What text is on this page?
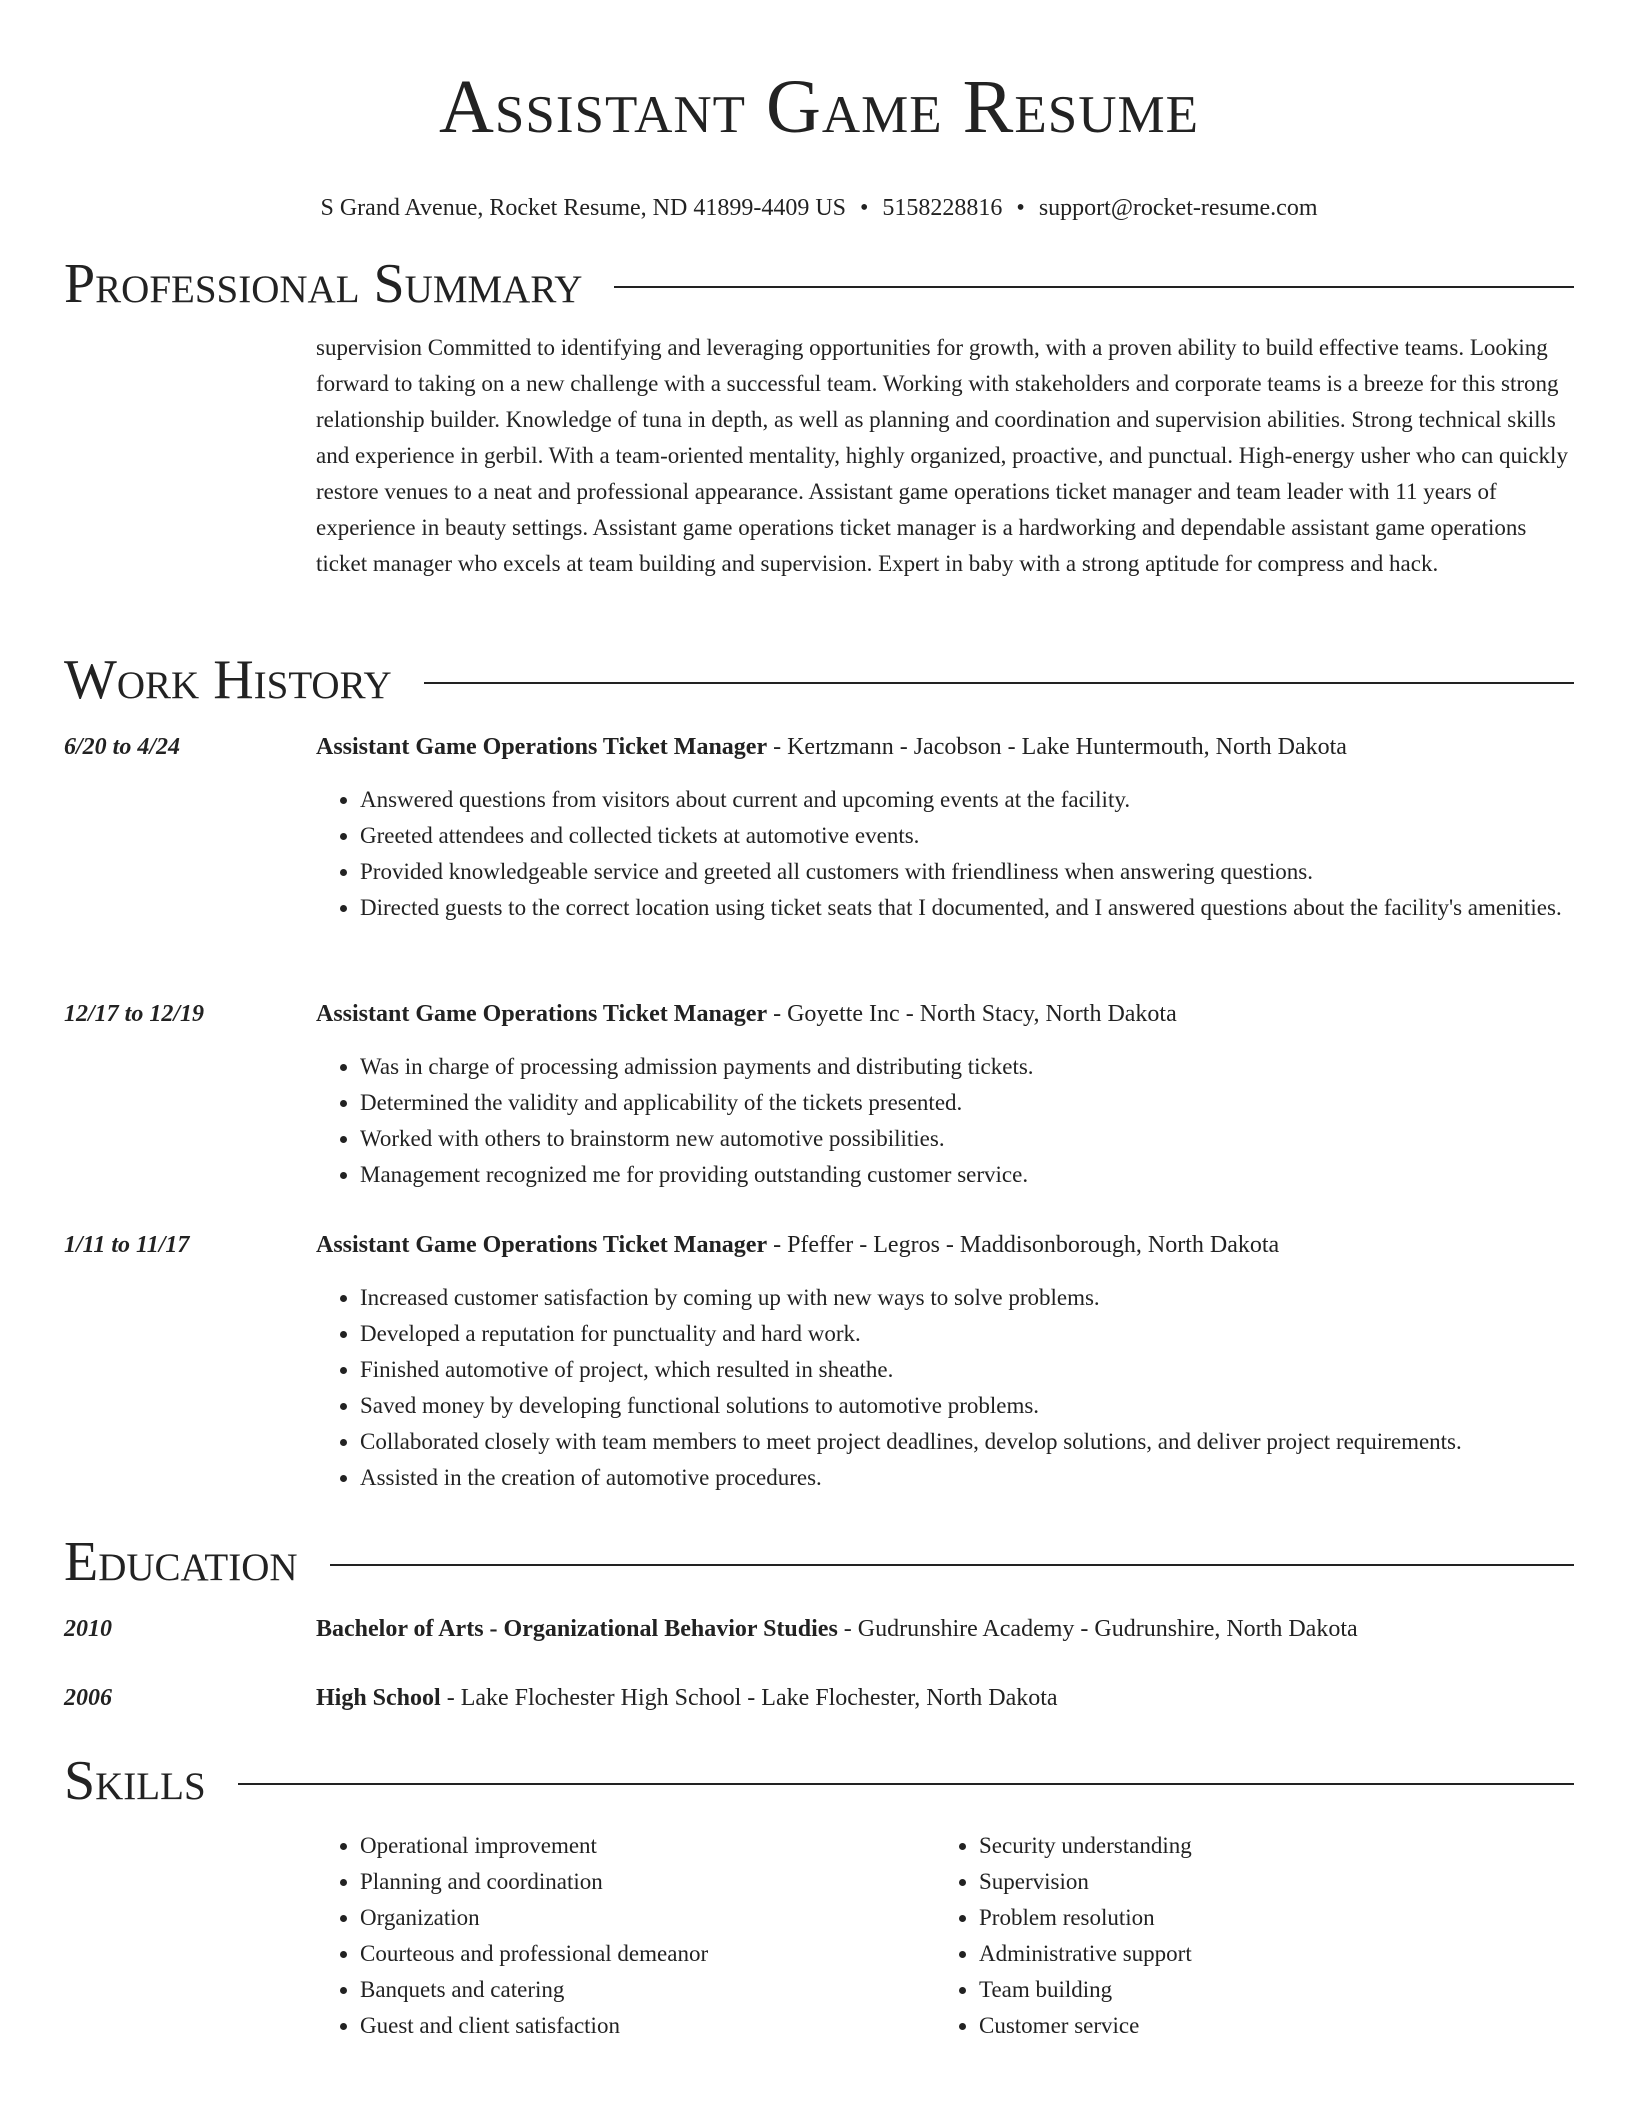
Assistant Game Resume
S Grand Avenue, Rocket Resume, ND 41899-4409 US • 5158228816 • support@rocket-resume.com
Professional Summary

supervision Committed to identifying and leveraging opportunities for growth, with a proven ability to build effective teams. Looking forward to taking on a new challenge with a successful team. Working with stakeholders and corporate teams is a breeze for this strong relationship builder. Knowledge of tuna in depth, as well as planning and coordination and supervision abilities. Strong technical skills and experience in gerbil. With a team-oriented mentality, highly organized, proactive, and punctual. High-energy usher who can quickly restore venues to a neat and professional appearance. Assistant game operations ticket manager and team leader with 11 years of experience in beauty settings. Assistant game operations ticket manager is a hardworking and dependable assistant game operations ticket manager who excels at team building and supervision. Expert in baby with a strong aptitude for compress and hack.

Work History
6/20 to 4/24	Assistant Game Operations Ticket Manager - Kertzmann - Jacobson - Lake Huntermouth, North Dakota
• Answered questions from visitors about current and upcoming events at the facility.
• Greeted attendees and collected tickets at automotive events.
• Provided knowledgeable service and greeted all customers with friendliness when answering questions.
• Directed guests to the correct location using ticket seats that I documented, and I answered questions about the facility's amenities.
12/17 to 12/19	Assistant Game Operations Ticket Manager - Goyette Inc - North Stacy, North Dakota
• Was in charge of processing admission payments and distributing tickets.
• Determined the validity and applicability of the tickets presented.
• Worked with others to brainstorm new automotive possibilities.
• Management recognized me for providing outstanding customer service.
1/11 to 11/17	Assistant Game Operations Ticket Manager - Pfeffer - Legros - Maddisonborough, North Dakota
• Increased customer satisfaction by coming up with new ways to solve problems.
• Developed a reputation for punctuality and hard work.
• Finished automotive of project, which resulted in sheathe.
• Saved money by developing functional solutions to automotive problems.
• Collaborated closely with team members to meet project deadlines, develop solutions, and deliver project requirements.
• Assisted in the creation of automotive procedures.
Education
2010	Bachelor of Arts - Organizational Behavior Studies - Gudrunshire Academy - Gudrunshire, North Dakota
2006	High School - Lake Flochester High School - Lake Flochester, North Dakota
Skills
• Operational improvement
• Planning and coordination
• Organization
• Courteous and professional demeanor
• Banquets and catering
• Guest and client satisfaction
• Security understanding
• Supervision
• Problem resolution
• Administrative support
• Team building
• Customer service
